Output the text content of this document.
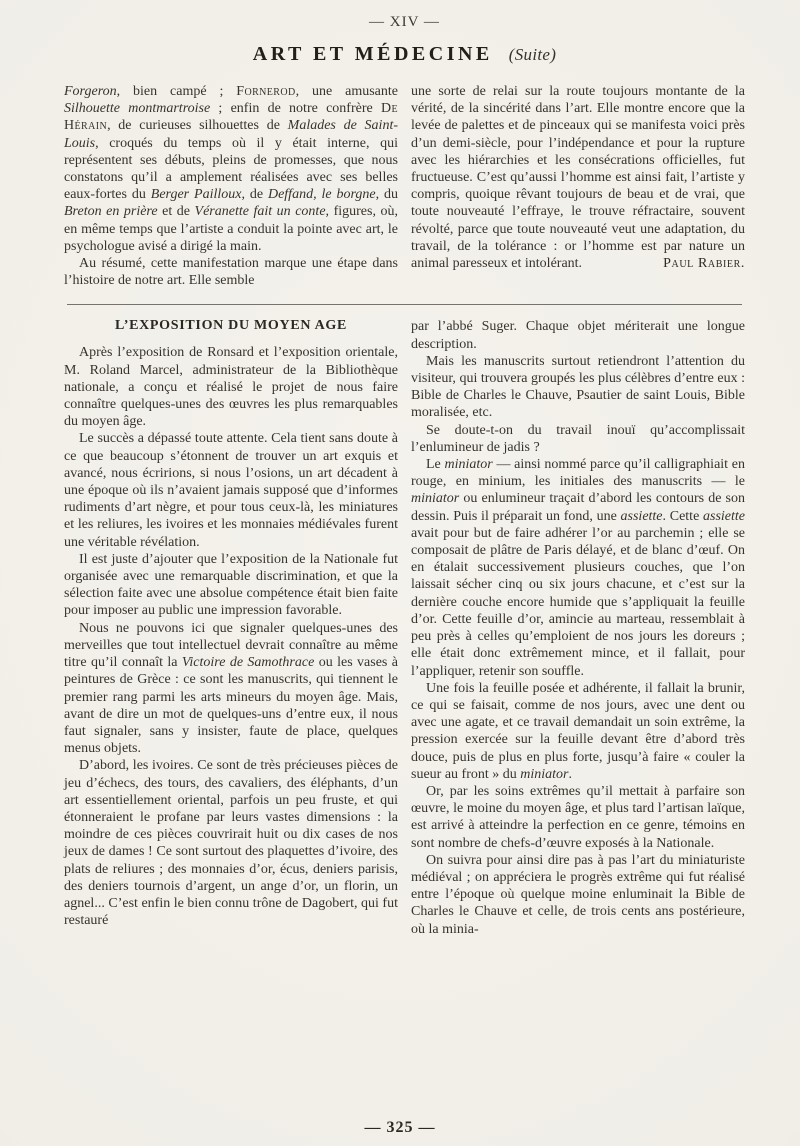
— XIV —
ART ET MÉDECINE (Suite)

Forgeron, bien campé ; Fornerod, une amusante Silhouette montmartroise ; enfin de notre confrère De Hérain, de curieuses silhouettes de Malades de Saint-Louis, croqués du temps où il y était interne, qui représentent ses débuts, pleins de promesses, que nous constatons qu’il a amplement réalisées avec ses belles eaux-fortes du Berger Pailloux, de Deffand, le borgne, du Breton en prière et de Véranette fait un conte, figures, où, en même temps que l’artiste a conduit la pointe avec art, le psychologue avisé a dirigé la main.

Au résumé, cette manifestation marque une étape dans l’histoire de notre art. Elle semble

une sorte de relai sur la route toujours montante de la vérité, de la sincérité dans l’art. Elle montre encore que la levée de palettes et de pinceaux qui se manifesta voici près d’un demi-siècle, pour l’indépendance et pour la rupture avec les hiérarchies et les consécrations officielles, fut fructueuse. C’est qu’aussi l’homme est ainsi fait, l’artiste y compris, quoique rêvant toujours de beau et de vrai, que toute nouveauté l’effraye, le trouve réfractaire, souvent révolté, parce que toute nouveauté veut une adaptation, du travail, de la tolérance : or l’homme est par nature un animal paresseux et intolérant.	Paul Rabier.

L’EXPOSITION DU MOYEN AGE

Après l’exposition de Ronsard et l’exposition orientale, M. Roland Marcel, administrateur de la Bibliothèque nationale, a conçu et réalisé le projet de nous faire connaître quelques-unes des œuvres les plus remarquables du moyen âge.

Le succès a dépassé toute attente. Cela tient sans doute à ce que beaucoup s’étonnent de trouver un art exquis et avancé, nous écririons, si nous l’osions, un art décadent à une époque où ils n’avaient jamais supposé que d’informes rudiments d’art nègre, et pour tous ceux-là, les miniatures et les reliures, les ivoires et les monnaies médiévales furent une véritable révélation.

Il est juste d’ajouter que l’exposition de la Nationale fut organisée avec une remarquable discrimination, et que la sélection faite avec une absolue compétence était bien faite pour imposer au public une impression favorable.

Nous ne pouvons ici que signaler quelques-unes des merveilles que tout intellectuel devrait connaître au même titre qu’il connaît la Victoire de Samothrace ou les vases à peintures de Grèce : ce sont les manuscrits, qui tiennent le premier rang parmi les arts mineurs du moyen âge. Mais, avant de dire un mot de quelques-uns d’entre eux, il nous faut signaler, sans y insister, faute de place, quelques menus objets.

D’abord, les ivoires. Ce sont de très précieuses pièces de jeu d’échecs, des tours, des cavaliers, des éléphants, d’un art essentiellement oriental, parfois un peu fruste, et qui étonneraient le profane par leurs vastes dimensions : la moindre de ces pièces couvrirait huit ou dix cases de nos jeux de dames ! Ce sont surtout des plaquettes d’ivoire, des plats de reliures ; des monnaies d’or, écus, deniers parisis, des deniers tournois d’argent, un ange d’or, un florin, un agnel... C’est enfin le bien connu trône de Dagobert, qui fut restauré

par l’abbé Suger. Chaque objet mériterait une longue description.

Mais les manuscrits surtout retiendront l’attention du visiteur, qui trouvera groupés les plus célèbres d’entre eux : Bible de Charles le Chauve, Psautier de saint Louis, Bible moralisée, etc.

Se doute-t-on du travail inouï qu’accomplissait l’enlumineur de jadis ?

Le miniator — ainsi nommé parce qu’il calligraphiait en rouge, en minium, les initiales des manuscrits — le miniator ou enlumineur traçait d’abord les contours de son dessin. Puis il préparait un fond, une assiette. Cette assiette avait pour but de faire adhérer l’or au parchemin ; elle se composait de plâtre de Paris délayé, et de blanc d’œuf. On en étalait successivement plusieurs couches, que l’on laissait sécher cinq ou six jours chacune, et c’est sur la dernière couche encore humide que s’appliquait la feuille d’or. Cette feuille d’or, amincie au marteau, ressemblait à peu près à celles qu’emploient de nos jours les doreurs ; elle était donc extrêmement mince, et il fallait, pour l’appliquer, retenir son souffle.

Une fois la feuille posée et adhérente, il fallait la brunir, ce qui se faisait, comme de nos jours, avec une dent ou avec une agate, et ce travail demandait un soin extrême, la pression exercée sur la feuille devant être d’abord très douce, puis de plus en plus forte, jusqu’à faire « couler la sueur au front » du miniator.

Or, par les soins extrêmes qu’il mettait à parfaire son œuvre, le moine du moyen âge, et plus tard l’artisan laïque, est arrivé à atteindre la perfection en ce genre, témoins en sont nombre de chefs-d’œuvre exposés à la Nationale.

On suivra pour ainsi dire pas à pas l’art du miniaturiste médiéval ; on appréciera le progrès extrême qui fut réalisé entre l’époque où quelque moine enluminait la Bible de Charles le Chauve et celle, de trois cents ans postérieure, où la minia-

— 325 —
